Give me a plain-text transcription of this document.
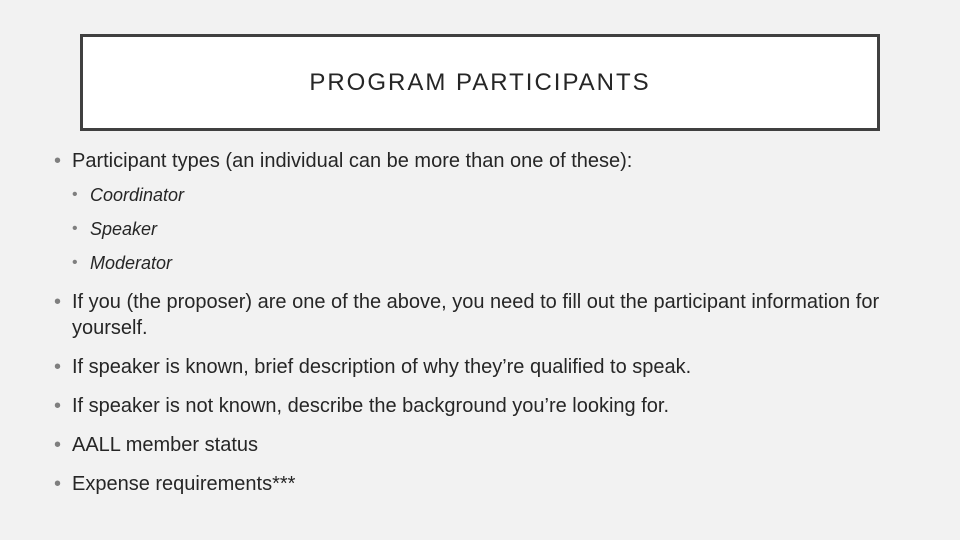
PROGRAM PARTICIPANTS
• Participant types (an individual can be more than one of these):
• Coordinator
• Speaker
• Moderator
• If you (the proposer) are one of the above, you need to fill out the participant information for yourself.
• If speaker is known, brief description of why they’re qualified to speak.
• If speaker is not known, describe the background you’re looking for.
• AALL member status
• Expense requirements***
